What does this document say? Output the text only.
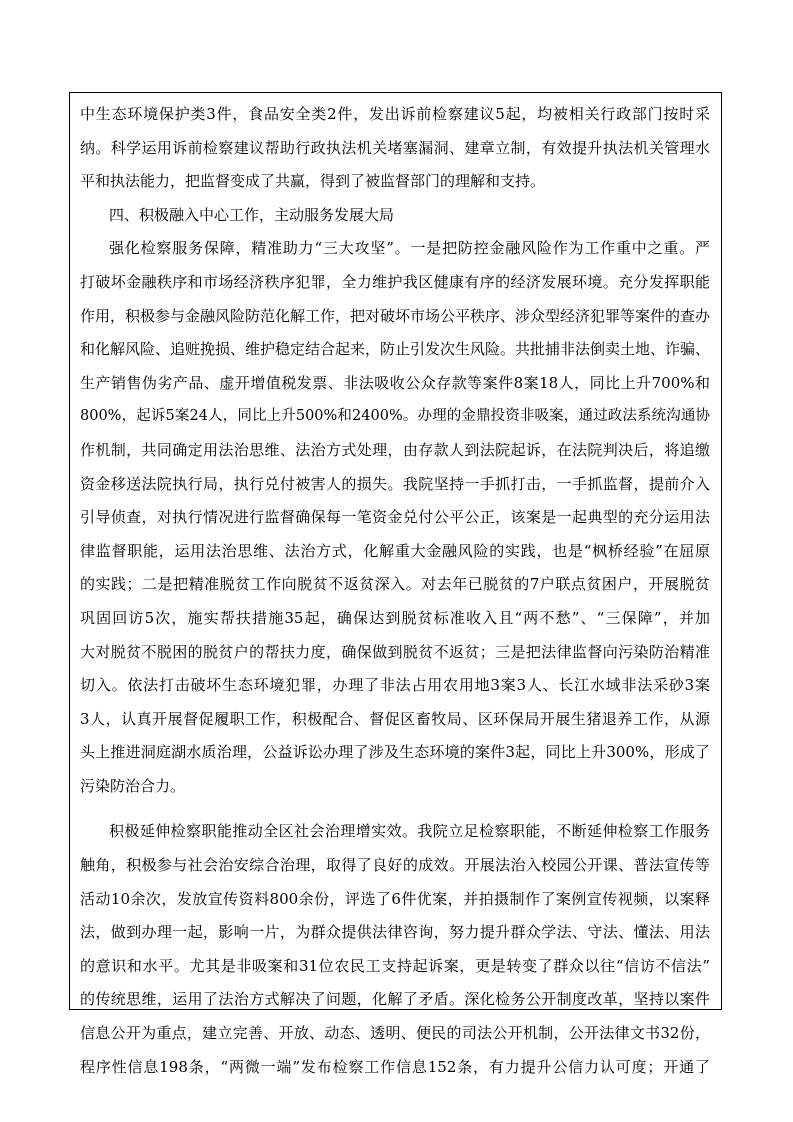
中生态环境保护类3件，食品安全类2件，发出诉前检察建议5起，均被相关行政部门按时采
纳。科学运用诉前检察建议帮助行政执法机关堵塞漏洞、建章立制，有效提升执法机关管理水
平和执法能力，把监督变成了共赢，得到了被监督部门的理解和支持。
四、积极融入中心工作，主动服务发展大局
强化检察服务保障，精准助力“三大攻坚”。一是把防控金融风险作为工作重中之重。严
打破坏金融秩序和市场经济秩序犯罪，全力维护我区健康有序的经济发展环境。充分发挥职能
作用，积极参与金融风险防范化解工作，把对破坏市场公平秩序、涉众型经济犯罪等案件的查办
和化解风险、追赃挽损、维护稳定结合起来，防止引发次生风险。共批捕非法倒卖土地、诈骗、
生产销售伪劣产品、虚开增值税发票、非法吸收公众存款等案件8案18人，同比上升700%和
800%，起诉5案24人，同比上升500%和2400%。办理的金鼎投资非吸案，通过政法系统沟通协
作机制，共同确定用法治思维、法治方式处理，由存款人到法院起诉，在法院判决后，将追缴
资金移送法院执行局，执行兑付被害人的损失。我院坚持一手抓打击，一手抓监督，提前介入
引导侦查，对执行情况进行监督确保每一笔资金兑付公平公正，该案是一起典型的充分运用法
律监督职能，运用法治思维、法治方式，化解重大金融风险的实践，也是“枫桥经验”在屈原
的实践；二是把精准脱贫工作向脱贫不返贫深入。对去年已脱贫的7户联点贫困户，开展脱贫
巩固回访5次，施实帮扶措施35起，确保达到脱贫标准收入且“两不愁”、“三保障”，并加
大对脱贫不脱困的脱贫户的帮扶力度，确保做到脱贫不返贫；三是把法律监督向污染防治精准
切入。依法打击破坏生态环境犯罪，办理了非法占用农用地3案3人、长江水域非法采砂3案
3人，认真开展督促履职工作，积极配合、督促区畜牧局、区环保局开展生猪退养工作，从源
头上推进洞庭湖水质治理，公益诉讼办理了涉及生态环境的案件3起，同比上升300%，形成了
污染防治合力。
积极延伸检察职能推动全区社会治理增实效。我院立足检察职能，不断延伸检察工作服务
触角，积极参与社会治安综合治理，取得了良好的成效。开展法治入校园公开课、普法宣传等
活动10余次，发放宣传资料800余份，评选了6件优案，并拍摄制作了案例宣传视频，以案释
法，做到办理一起，影响一片，为群众提供法律咨询，努力提升群众学法、守法、懂法、用法
的意识和水平。尤其是非吸案和31位农民工支持起诉案，更是转变了群众以往“信访不信法”
的传统思维，运用了法治方式解决了问题，化解了矛盾。深化检务公开制度改革，坚持以案件
信息公开为重点，建立完善、开放、动态、透明、便民的司法公开机制，公开法律文书32份，
程序性信息198条，“两微一端”发布检察工作信息152条，有力提升公信力认可度；开通了
